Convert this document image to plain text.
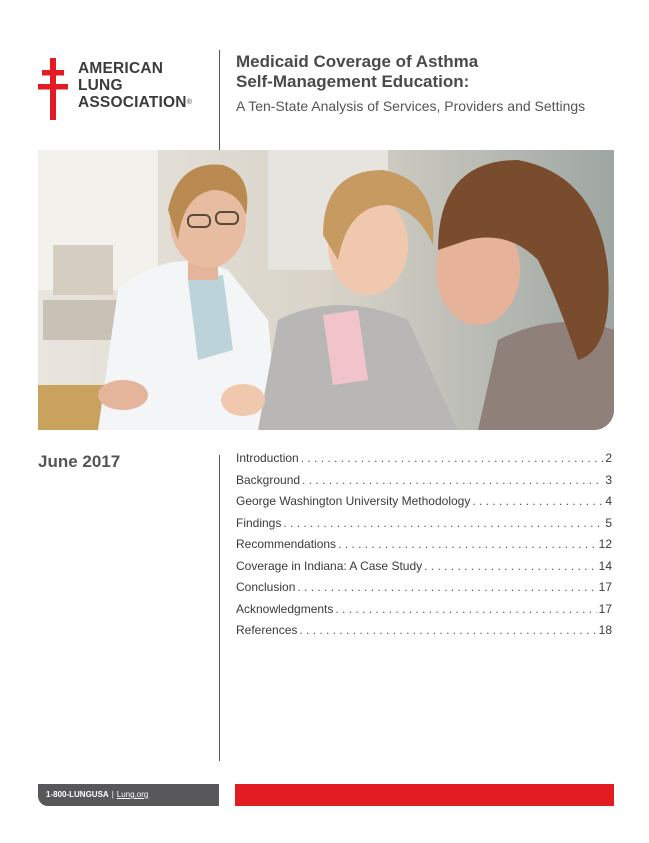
AMERICAN
LUNG
ASSOCIATION®
Medicaid Coverage of Asthma
Self-Management Education:
A Ten-State Analysis of Services, Providers and Settings
June 2017	Introduction . . .	2
Background . . .	3
George Washington University Methodology . . .	4
Findings . . .	5
Recommendations . . .	12
Coverage in Indiana: A Case Study . . .	14
Conclusion . . .	17
Acknowledgments . . .	17
References . . .	18
1-800-LUNGUSA | Lung.org
